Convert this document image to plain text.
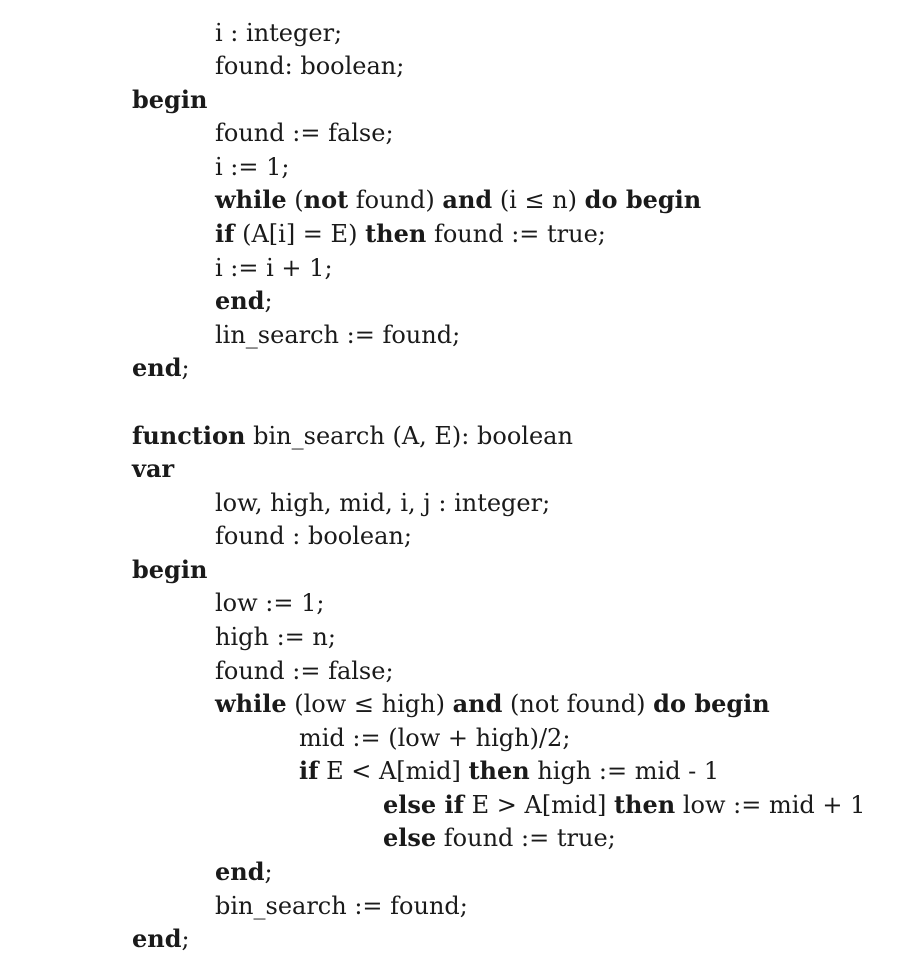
i : integer;
found: boolean;
begin
found := false;
i := 1;
while (not found) and (i ≤ n) do begin
if (A[i] = E) then found := true;
i := i + 1;
end;
lin_search := found;
end;
function bin_search (A, E): boolean
var
low, high, mid, i, j : integer;
found : boolean;
begin
low := 1;
high := n;
found := false;
while (low ≤ high) and (not found) do begin
mid := (low + high)/2;
if E < A[mid] then high := mid - 1
else if E > A[mid] then low := mid + 1
else found := true;
end;
bin_search := found;
end;
